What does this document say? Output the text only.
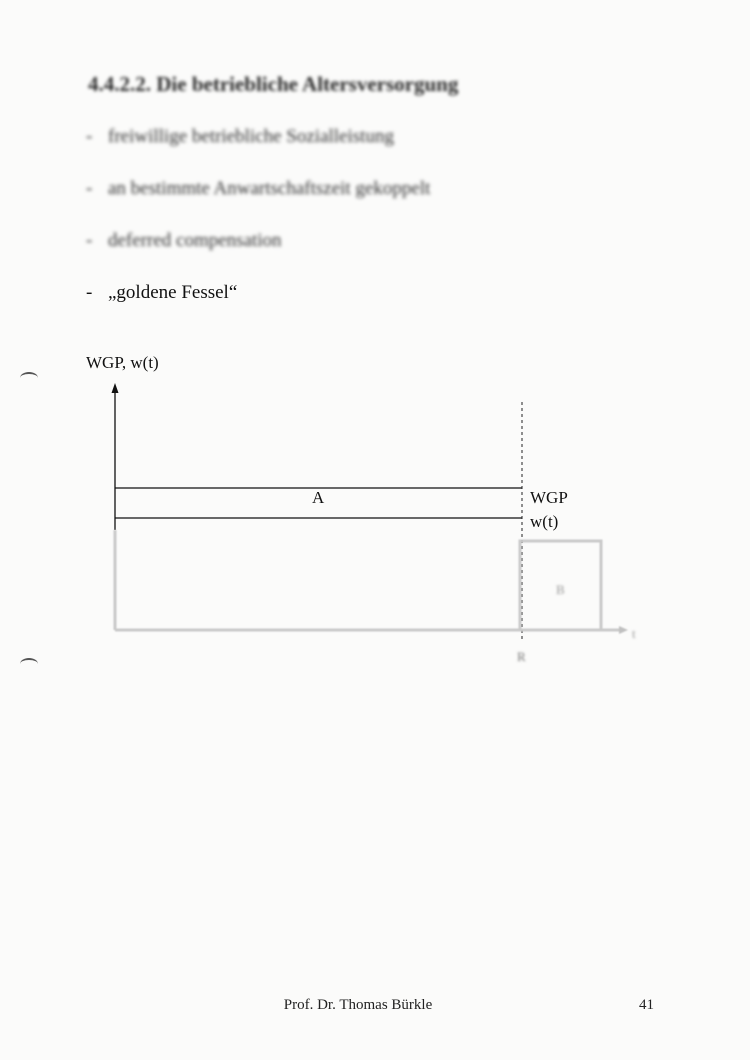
4.4.2.2. Die betriebliche Altersversorgung
- freiwillige betriebliche Sozialleistung
- an bestimmte Anwartschaftszeit gekoppelt
- deferred compensation
- „goldene Fessel“
WGP, w(t)
A	WGP
w(t)
B
t
R
Prof. Dr. Thomas Bürkle	41
